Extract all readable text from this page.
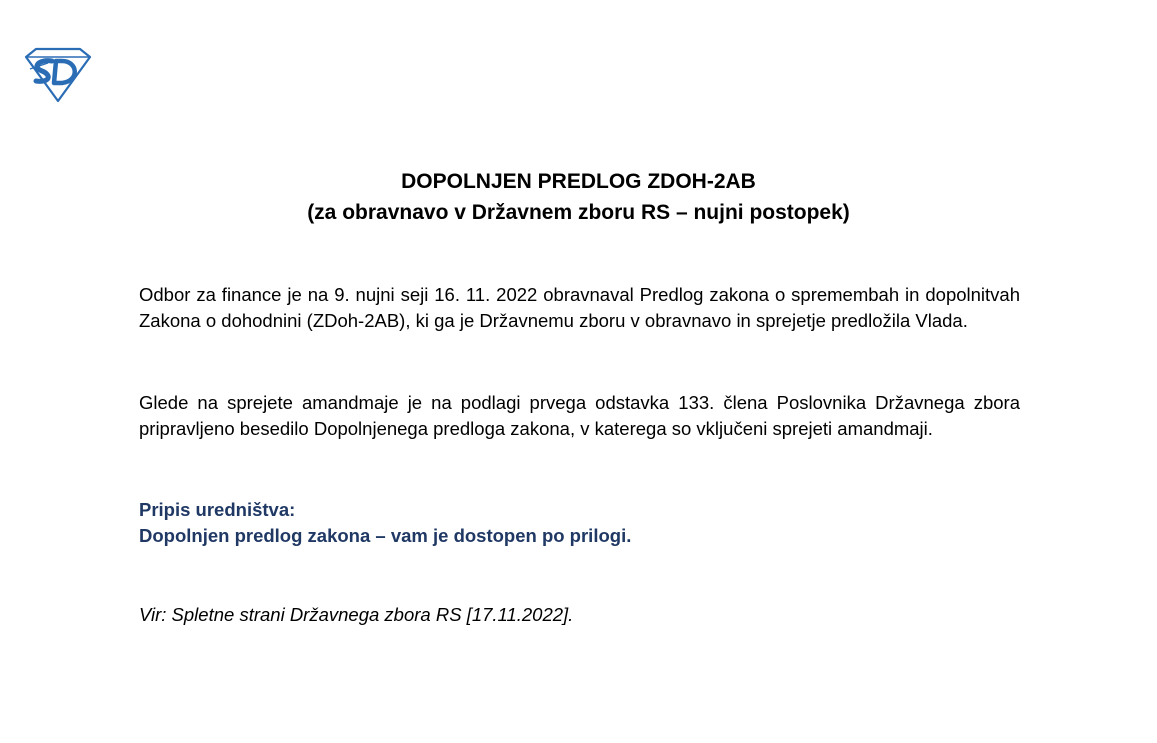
DOPOLNJEN PREDLOG ZDOH-2AB
(za obravnavo v Državnem zboru RS – nujni postopek)

Odbor za finance je na 9. nujni seji 16. 11. 2022 obravnaval Predlog zakona o spremembah in dopolnitvah Zakona o dohodnini (ZDoh-2AB), ki ga je Državnemu zboru v obravnavo in sprejetje predložila Vlada.

Glede na sprejete amandmaje je na podlagi prvega odstavka 133. člena Poslovnika Državnega zbora pripravljeno besedilo Dopolnjenega predloga zakona, v katerega so vključeni sprejeti amandmaji.

Pripis uredništva:
Dopolnjen predlog zakona – vam je dostopen po prilogi.
Vir: Spletne strani Državnega zbora RS [17.11.2022].
